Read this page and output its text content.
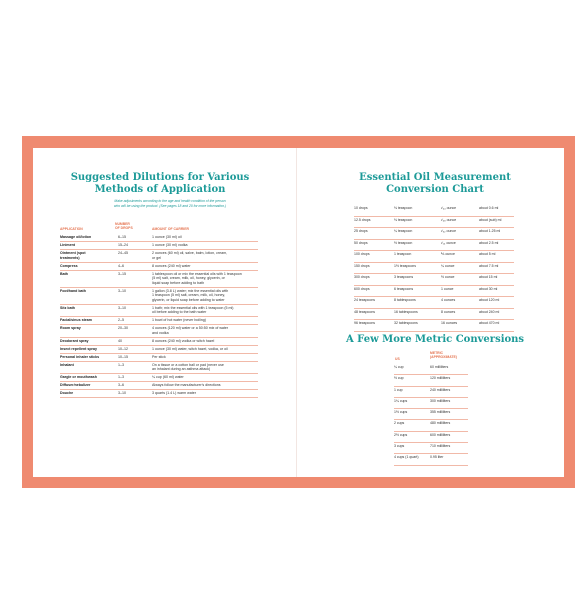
Suggested Dilutions for Various
Methods of Application
Make adjustments according to the age and health condition of the person
who will be using the product. (See pages 18 and 20 for more information.)
APPLICATION
NUMBER
OF DROPS	AMOUNT OF CARRIER
Massage oil/lotion	6–15	1 ounce (30 ml) oil
Liniment	15–24	1 ounce (30 ml) vodka
Ointment (spot
treatments)
24–45	2 ounces (60 ml) oil, salve, balm, lotion, cream,
or gel
Compress	4–6	8 ounces (240 ml) water
Bath	3–15	1 tablespoon oil or mix the essential oils with 1 teaspoon
(5 ml) salt, cream, milk, oil, honey, glycerin, or
liquid soap before adding to bath
Foot/hand bath	3–10	1 gallon (3.8 L) water; mix the essential oils with
1 teaspoon (5 ml) salt, cream, milk, oil, honey,
glycerin, or liquid soap before adding to water
Sitz bath	3–10	1 bath; mix the essential oils with 1 teaspoon (5 ml)
oil before adding to the bath water
Facial/sinus steam	2–5	1 bowl of hot water (never boiling)
Room spray	20–30	4 ounces (120 ml) water or a 50:50 mix of water
and vodka
Deodorant spray	40	8 ounces (240 ml) vodka or witch hazel
Insect repellent spray	10–12	1 ounce (30 ml) water, witch hazel, vodka, or oil
Personal inhaler sticks	10–15	Per stick
Inhalant	1–3	On a tissue or a cotton ball or pad (never use
an inhalant during an asthma attack)
Gargle or mouthwash	1–3	¼ cup (60 ml) water
Diffuser/nebulizer	3–6	Always follow the manufacturer's directions
Douche	3–10	3 quarts (1.4 L) warm water
Essential Oil Measurement
Conversion Chart
10 drops	⅛ teaspoon	¹⁄₆₄ ounce	about 0.6 ml
12.5 drops	⅛ teaspoon	¹⁄₄₈ ounce	about (sub) ml
25 drops	¼ teaspoon	¹⁄₃₂ ounce	about 1.25 ml
50 drops	½ teaspoon	¹⁄₁₆ ounce	about 2.5 ml
100 drops	1 teaspoon	⅙ ounce	about 5 ml
150 drops	1½ teaspoons	¼ ounce	about 7.5 ml
300 drops	3 teaspoons	½ ounce	about 15 ml
600 drops	6 teaspoons	1 ounce	about 30 ml
24 teaspoons	8 tablespoons	4 ounces	about 120 ml
48 teaspoons	16 tablespoons	8 ounces	about 240 ml
96 teaspoons	32 tablespoons	16 ounces	about 470 ml
A Few More Metric Conversions
US
METRIC
(APPROXIMATE)
¼ cup	60 milliliters
½ cup	120 milliliters
1 cup	240 milliliters
1¼ cups	300 milliliters
1½ cups	355 milliliters
2 cups	480 milliliters
2½ cups	600 milliliters
3 cups	710 milliliters
4 cups (1 quart)	0.95 liter
